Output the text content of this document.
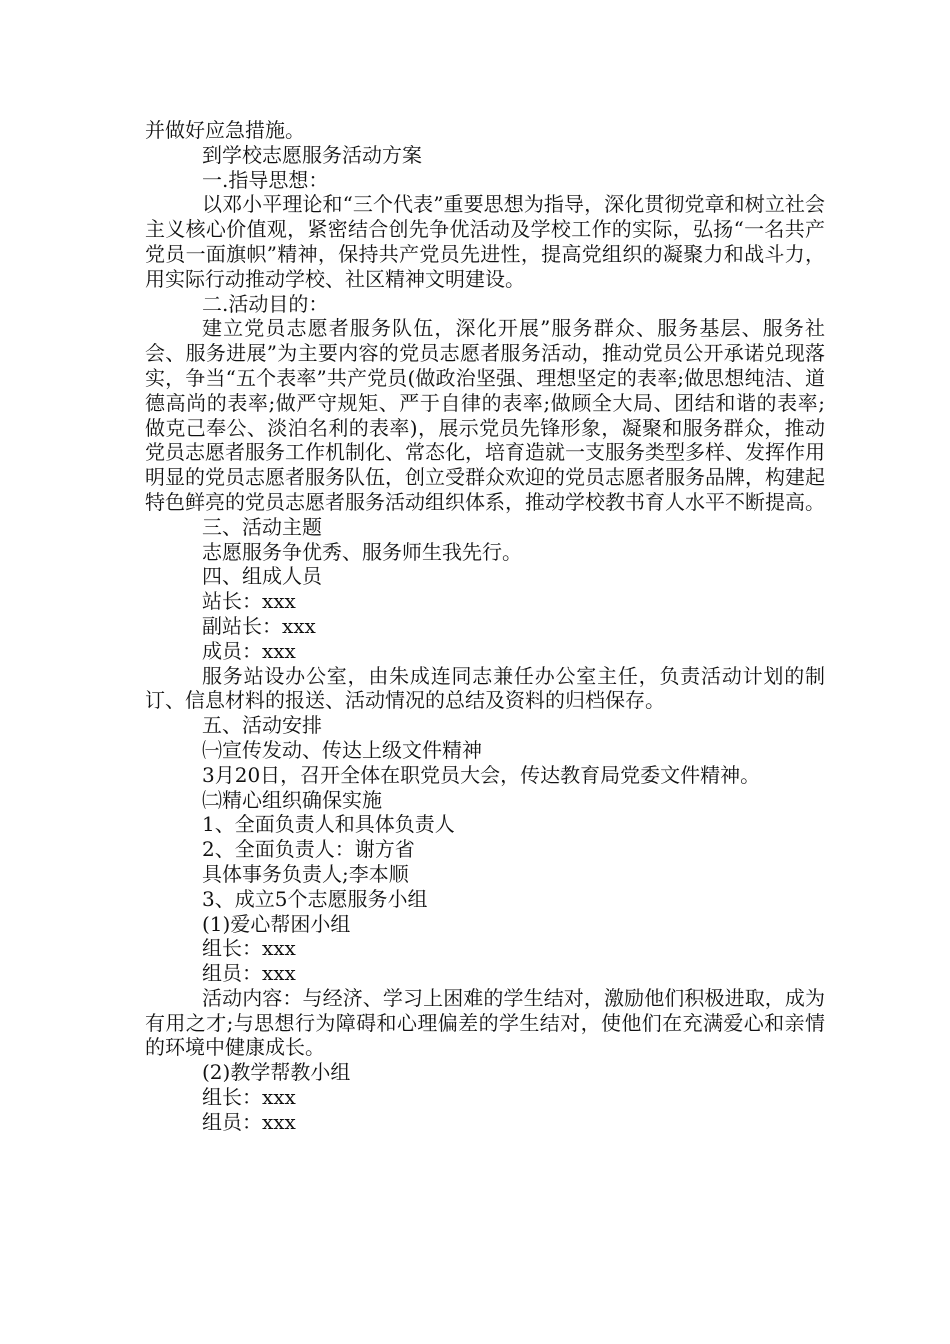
并做好应急措施。

到学校志愿服务活动方案

一.指导思想：

以邓小平理论和“三个代表”重要思想为指导，深化贯彻党章和树立社会主义核心价值观，紧密结合创先争优活动及学校工作的实际，弘扬“一名共产党员一面旗帜”精神，保持共产党员先进性，提高党组织的凝聚力和战斗力，用实际行动推动学校、社区精神文明建设。

二.活动目的：

建立党员志愿者服务队伍，深化开展”服务群众、服务基层、服务社会、服务进展”为主要内容的党员志愿者服务活动，推动党员公开承诺兑现落实，争当“五个表率”共产党员(做政治坚强、理想坚定的表率;做思想纯洁、道德高尚的表率;做严守规矩、严于自律的表率;做顾全大局、团结和谐的表率;做克己奉公、淡泊名利的表率)，展示党员先锋形象，凝聚和服务群众，推动党员志愿者服务工作机制化、常态化，培育造就一支服务类型多样、发挥作用明显的党员志愿者服务队伍，创立受群众欢迎的党员志愿者服务品牌，构建起特色鲜亮的党员志愿者服务活动组织体系，推动学校教书育人水平不断提高。

三、活动主题

志愿服务争优秀、服务师生我先行。

四、组成人员

站长：xxx

副站长：xxx

成员：xxx

服务站设办公室，由朱成连同志兼任办公室主任，负责活动计划的制订、信息材料的报送、活动情况的总结及资料的归档保存。

五、活动安排

㈠宣传发动、传达上级文件精神

3月20日，召开全体在职党员大会，传达教育局党委文件精神。

㈡精心组织确保实施

1、全面负责人和具体负责人

2、全面负责人：谢方省

具体事务负责人;李本顺

3、成立5个志愿服务小组

(1)爱心帮困小组

组长：xxx

组员：xxx

活动内容：与经济、学习上困难的学生结对，激励他们积极进取，成为有用之才;与思想行为障碍和心理偏差的学生结对，使他们在充满爱心和亲情的环境中健康成长。

(2)教学帮教小组

组长：xxx

组员：xxx
